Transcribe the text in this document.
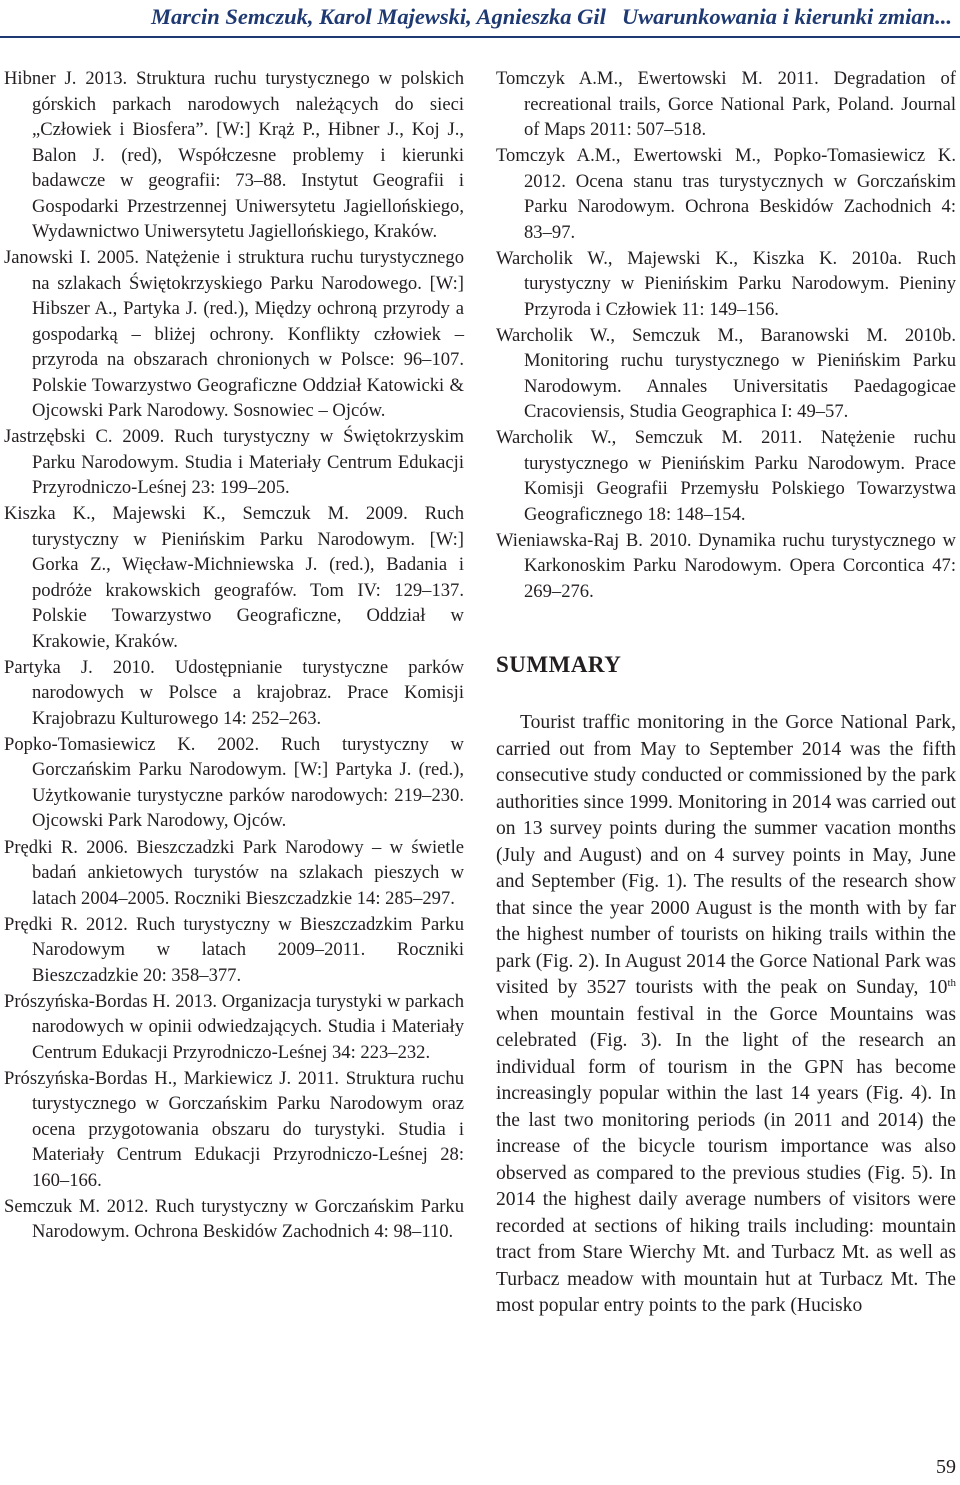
Marcin Semczuk, Karol Majewski, Agnieszka Gil Uwarunkowania i kierunki zmian...

Hibner J. 2013. Struktura ruchu turystycznego w polskich górskich parkach narodowych należących do sieci „Człowiek i Biosfera”. [W:] Krąż P., Hibner J., Koj J., Balon J. (red), Współczesne problemy i kierunki badawcze w geografii: 73–88. Instytut Geografii i Gospodarki Przestrzennej Uniwersytetu Jagiellońskiego, Wydawnictwo Uniwersytetu Jagiellońskiego, Kraków.

Janowski I. 2005. Natężenie i struktura ruchu turystycznego na szlakach Świętokrzyskiego Parku Narodowego. [W:] Hibszer A., Partyka J. (red.), Między ochroną przyrody a gospodarką – bliżej ochrony. Konflikty człowiek – przyroda na obszarach chronionych w Polsce: 96–107. Polskie Towarzystwo Geograficzne Oddział Katowicki & Ojcowski Park Narodowy. Sosnowiec – Ojców.

Jastrzębski C. 2009. Ruch turystyczny w Świętokrzyskim Parku Narodowym. Studia i Materiały Centrum Edukacji Przyrodniczo-Leśnej 23: 199–205.

Kiszka K., Majewski K., Semczuk M. 2009. Ruch turystyczny w Pienińskim Parku Narodowym. [W:] Gorka Z., Więcław-Michniewska J. (red.), Badania i podróże krakowskich geografów. Tom IV: 129–137. Polskie Towarzystwo Geograficzne, Oddział w Krakowie, Kraków.

Partyka J. 2010. Udostępnianie turystyczne parków narodowych w Polsce a krajobraz. Prace Komisji Krajobrazu Kulturowego 14: 252–263.

Popko-Tomasiewicz K. 2002. Ruch turystyczny w Gorczańskim Parku Narodowym. [W:] Partyka J. (red.), Użytkowanie turystyczne parków narodowych: 219–230. Ojcowski Park Narodowy, Ojców.

Prędki R. 2006. Bieszczadzki Park Narodowy – w świetle badań ankietowych turystów na szlakach pieszych w latach 2004–2005. Roczniki Bieszczadzkie 14: 285–297.

Prędki R. 2012. Ruch turystyczny w Bieszczadzkim Parku Narodowym w latach 2009–2011. Roczniki Bieszczadzkie 20: 358–377.

Prószyńska-Bordas H. 2013. Organizacja turystyki w parkach narodowych w opinii odwiedzających. Studia i Materiały Centrum Edukacji Przyrodniczo-Leśnej 34: 223–232.

Prószyńska-Bordas H., Markiewicz J. 2011. Struktura ruchu turystycznego w Gorczańskim Parku Narodowym oraz ocena przygotowania obszaru do turystyki. Studia i Materiały Centrum Edukacji Przyrodniczo-Leśnej 28: 160–166.

Semczuk M. 2012. Ruch turystyczny w Gorczańskim Parku Narodowym. Ochrona Beskidów Zachodnich 4: 98–110.

Tomczyk A.M., Ewertowski M. 2011. Degradation of recreational trails, Gorce National Park, Poland. Journal of Maps 2011: 507–518.

Tomczyk A.M., Ewertowski M., Popko-Tomasiewicz K. 2012. Ocena stanu tras turystycznych w Gorczańskim Parku Narodowym. Ochrona Beskidów Zachodnich 4: 83–97.

Warcholik W., Majewski K., Kiszka K. 2010a. Ruch turystyczny w Pienińskim Parku Narodowym. Pieniny Przyroda i Człowiek 11: 149–156.

Warcholik W., Semczuk M., Baranowski M. 2010b. Monitoring ruchu turystycznego w Pienińskim Parku Narodowym. Annales Universitatis Paedagogicae Cracoviensis, Studia Geographica I: 49–57.

Warcholik W., Semczuk M. 2011. Natężenie ruchu turystycznego w Pienińskim Parku Narodowym. Prace Komisji Geografii Przemysłu Polskiego Towarzystwa Geograficznego 18: 148–154.

Wieniawska-Raj B. 2010. Dynamika ruchu turystycznego w Karkonoskim Parku Narodowym. Opera Corcontica 47: 269–276.

SUMMARY

Tourist traffic monitoring in the Gorce National Park, carried out from May to September 2014 was the fifth consecutive study conducted or commissioned by the park authorities since 1999. Monitoring in 2014 was carried out on 13 survey points during the summer vacation months (July and August) and on 4 survey points in May, June and September (Fig. 1). The results of the research show that since the year 2000 August is the month with by far the highest number of tourists on hiking trails within the park (Fig. 2). In August 2014 the Gorce National Park was visited by 3527 tourists with the peak on Sunday, 10th when mountain festival in the Gorce Mountains was celebrated (Fig. 3). In the light of the research an individual form of tourism in the GPN has become increasingly popular within the last 14 years (Fig. 4). In the last two monitoring periods (in 2011 and 2014) the increase of the bicycle tourism importance was also observed as compared to the previous studies (Fig. 5). In 2014 the highest daily average numbers of visitors were recorded at sections of hiking trails including: mountain tract from Stare Wierchy Mt. and Turbacz Mt. as well as Turbacz meadow with mountain hut at Turbacz Mt. The most popular entry points to the park (Hucisko

59
